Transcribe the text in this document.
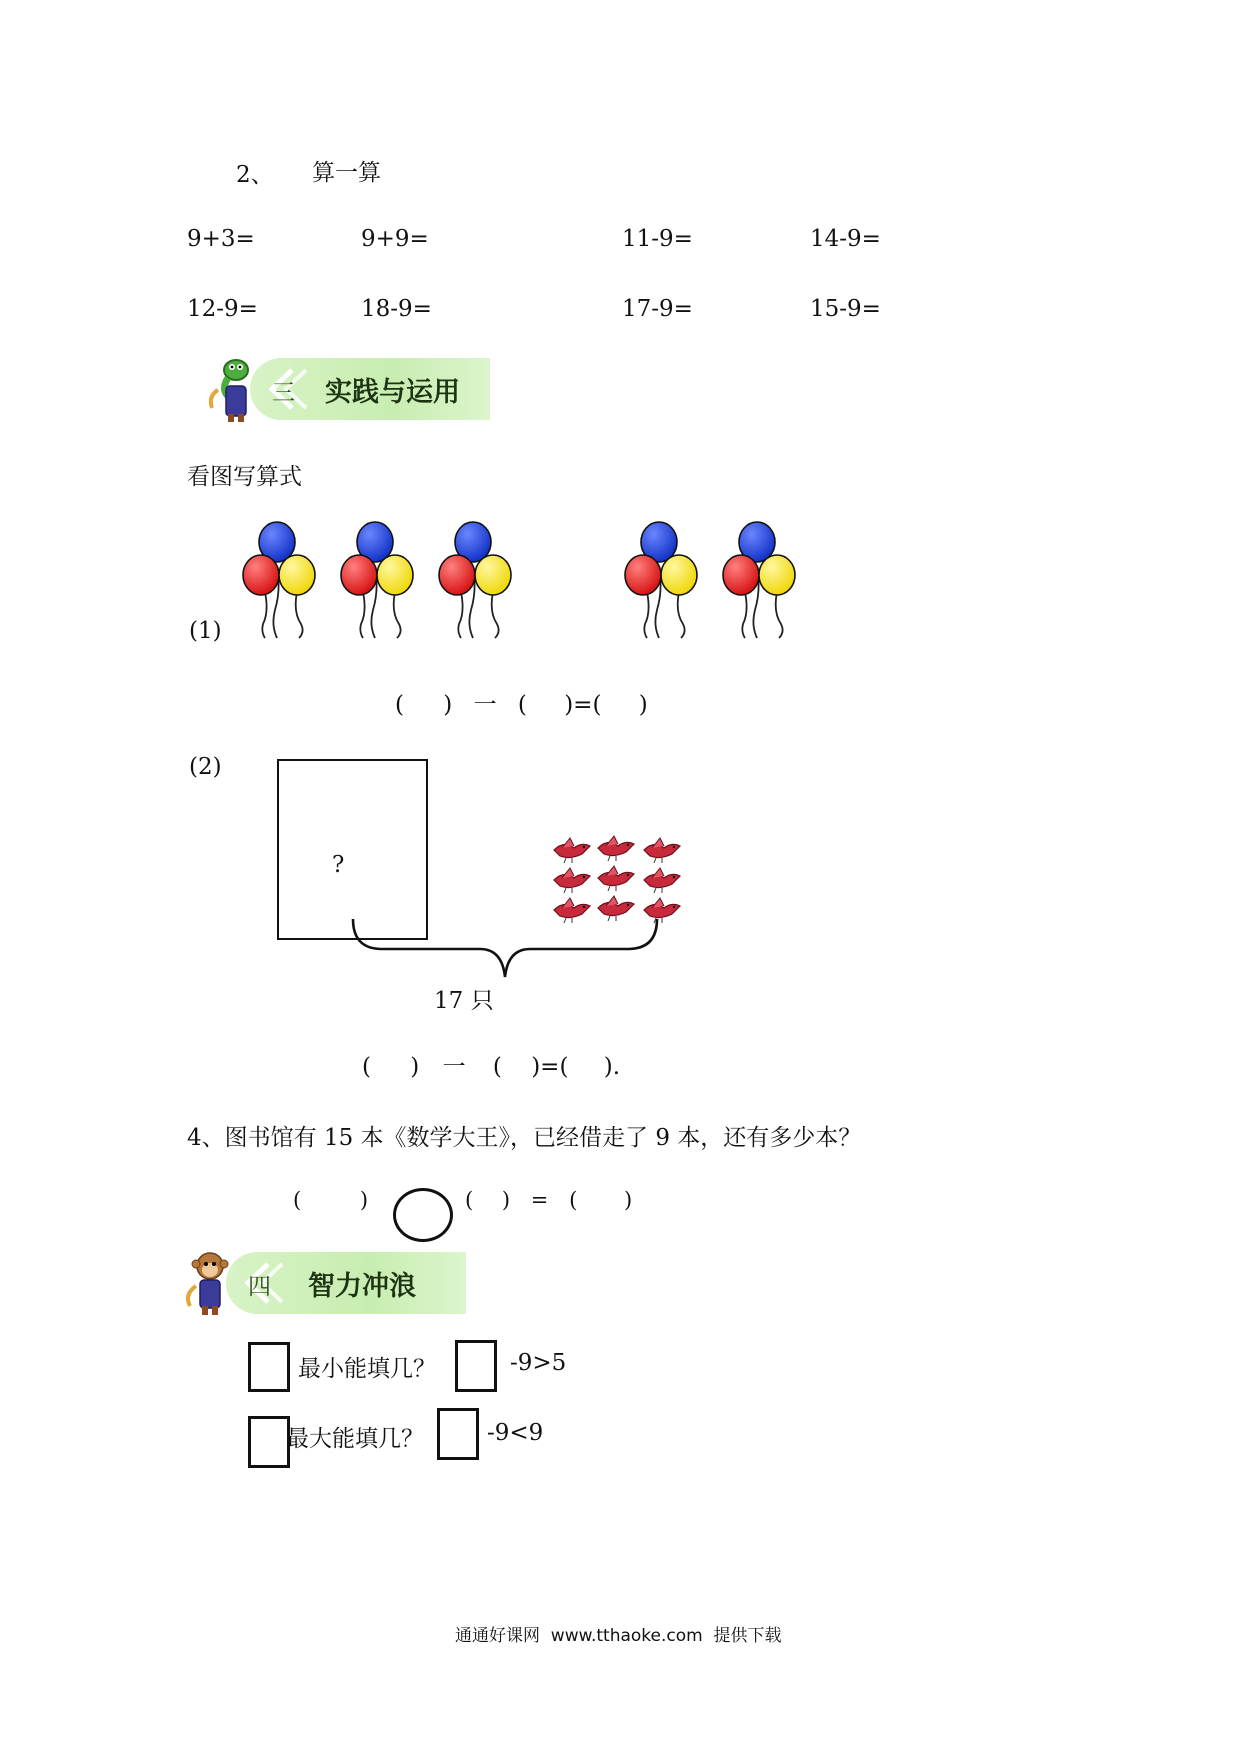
2、 算一算
9+3=	9+9=	11-9=	14-9=
12-9=	18-9=	17-9=	15-9=
三 实践与运用
看图写算式
(1)
( ) 一 ( )=( )
(2)
?
17 只
( ) 一 ( )=( ).
4、图书馆有 15 本《数学大王》，已经借走了 9 本，还有多少本？
(	)	( ) = ( )
四 智力冲浪
最小能填几？	-9>5
最大能填几？	-9<9
通通好课网  www.tthaoke.com  提供下载
